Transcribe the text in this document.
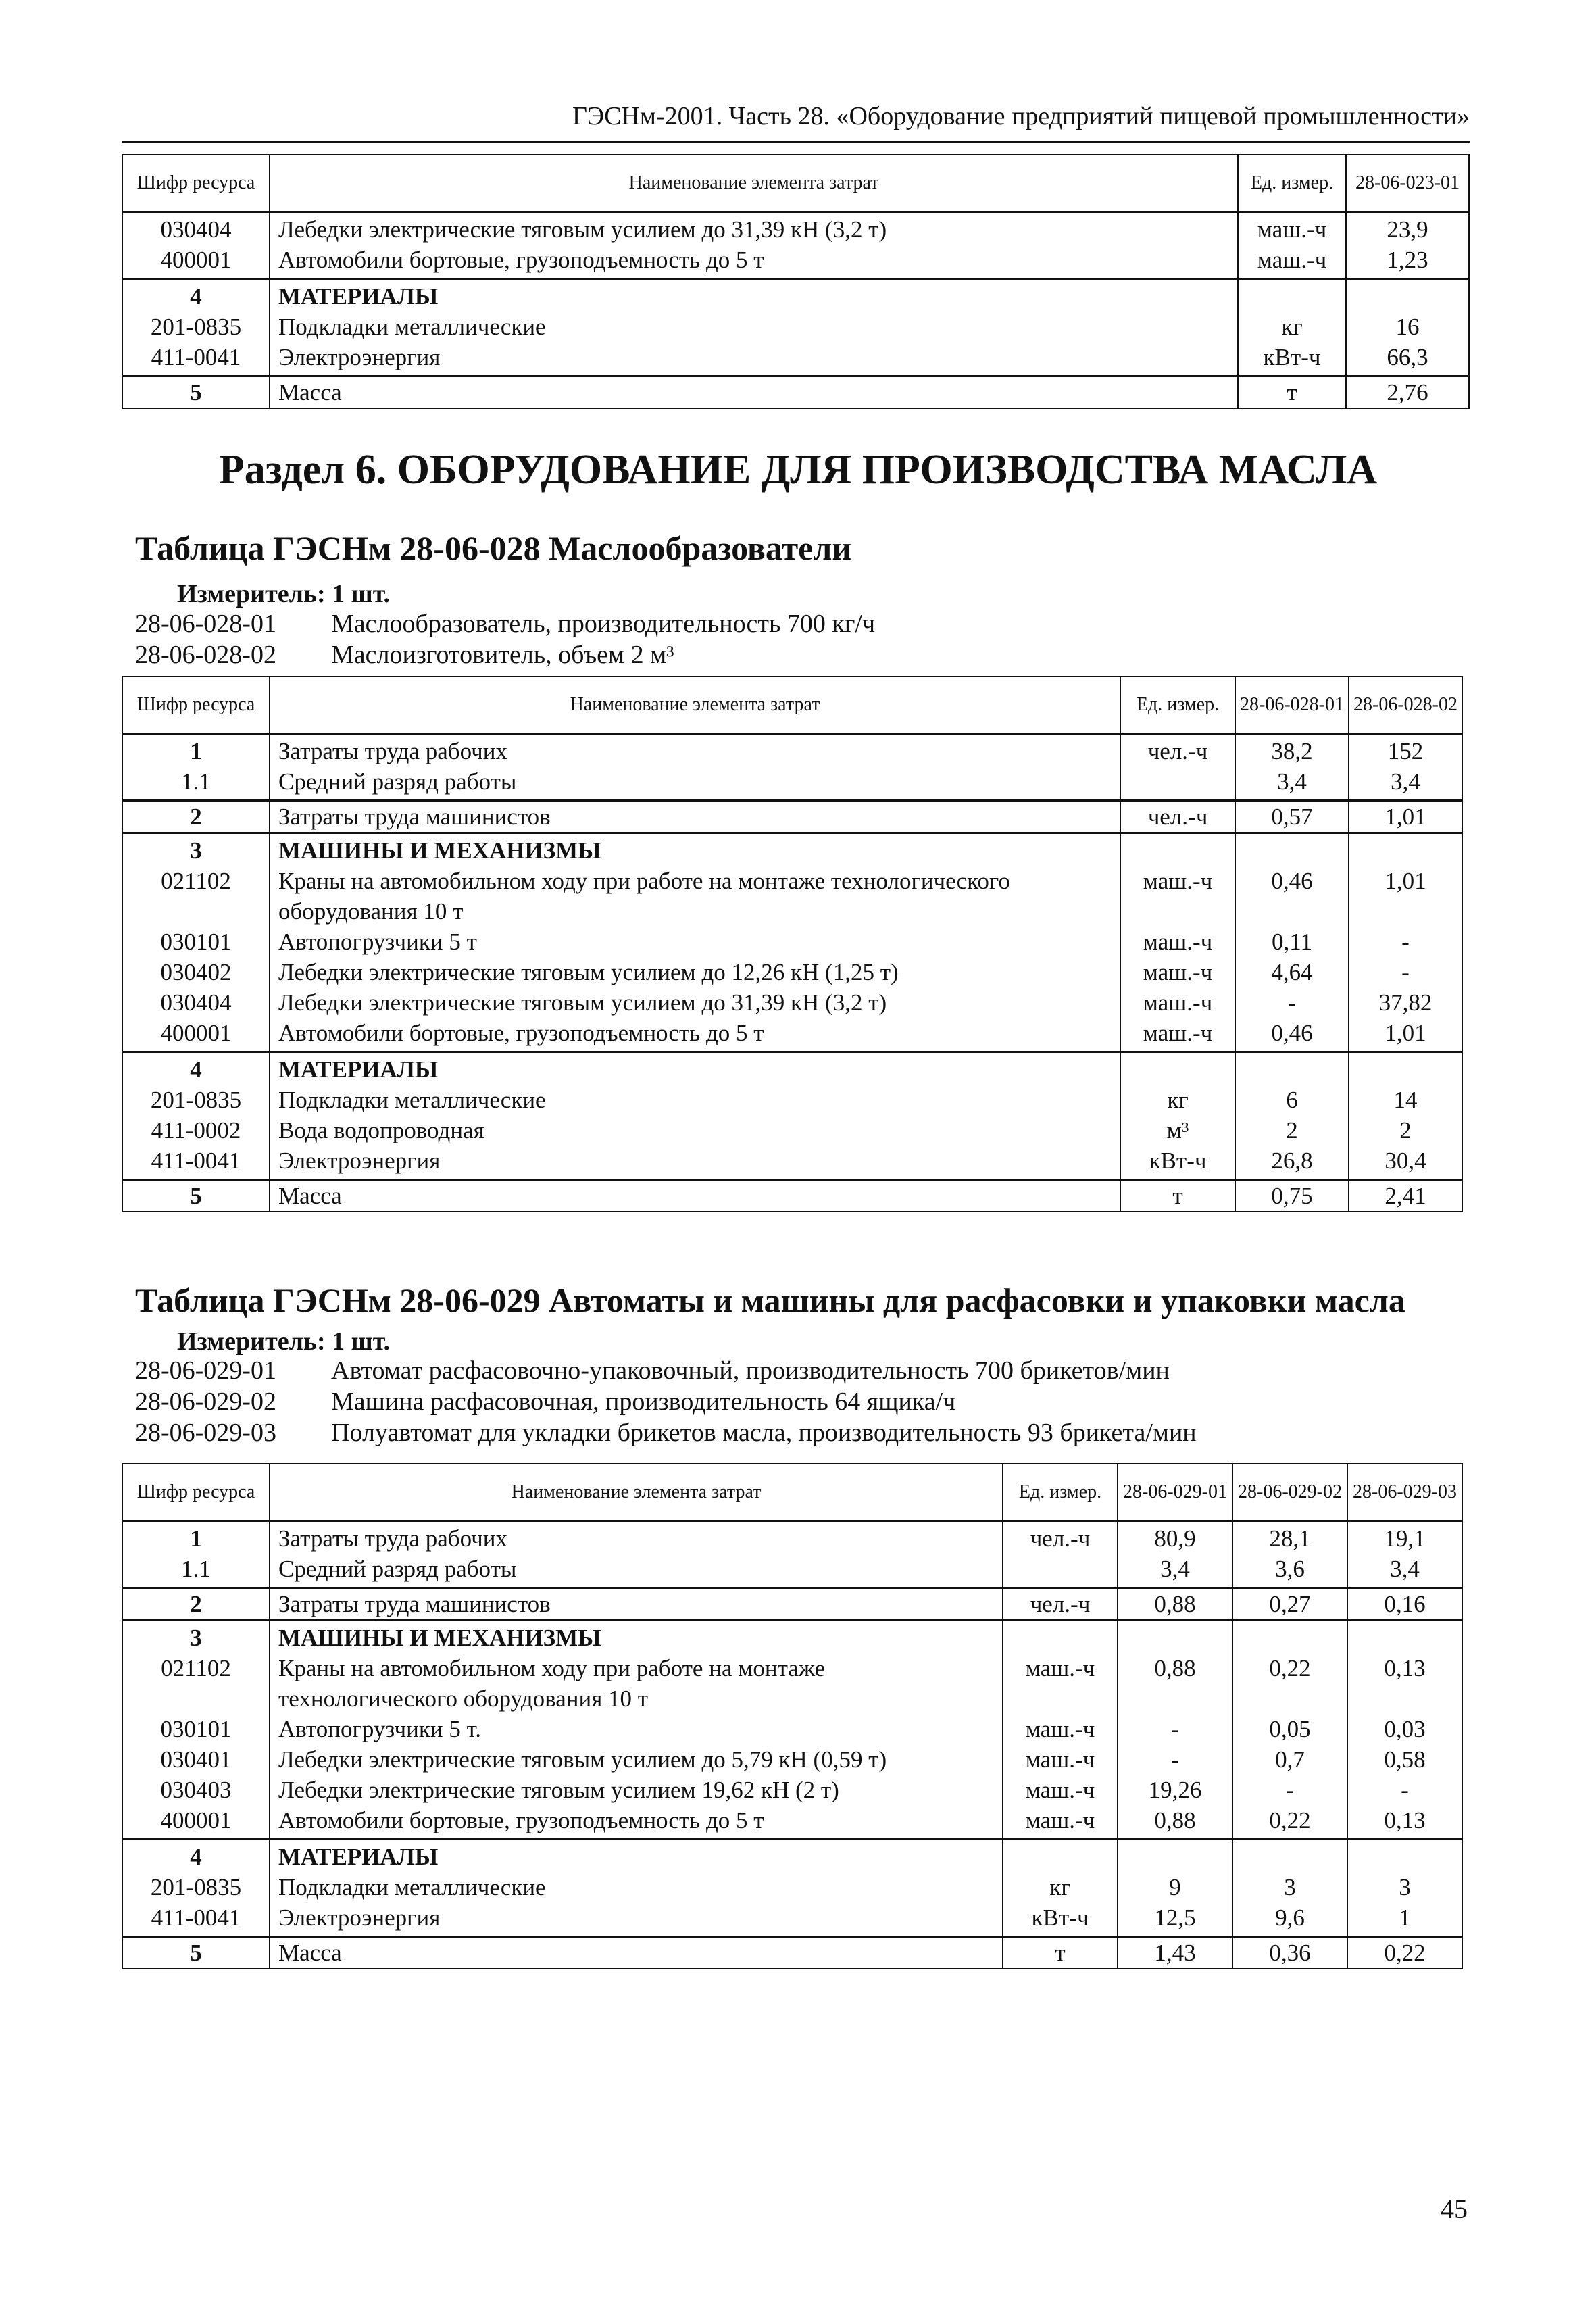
ГЭСНм-2001. Часть 28. «Оборудование предприятий пищевой промышленности»
Шифр ресурса	Наименование элемента затрат	Ед. измер.	28-06-023-01
030404	Лебедки электрические тяговым усилием до 31,39 кН (3,2 т)	маш.-ч	23,9
400001	Автомобили бортовые, грузоподъемность до 5 т	маш.-ч	1,23
4	МАТЕРИАЛЫ		
201-0835	Подкладки металлические	кг	16
411-0041	Электроэнергия	кВт-ч	66,3
5	Масса	т	2,76
Раздел 6. ОБОРУДОВАНИЕ ДЛЯ ПРОИЗВОДСТВА МАСЛА
Таблица ГЭСНм 28-06-028 Маслообразователи
Измеритель: 1 шт.
28-06-028-01	Маслообразователь, производительность 700 кг/ч
28-06-028-02	Маслоизготовитель, объем 2 м³
Шифр ресурса	Наименование элемента затрат	Ед. измер.	28-06-028-01	28-06-028-02
1	Затраты труда рабочих	чел.-ч	38,2	152
1.1	Средний разряд работы		3,4	3,4
2	Затраты труда машинистов	чел.-ч	0,57	1,01
3	МАШИНЫ И МЕХАНИЗМЫ			
021102	Краны на автомобильном ходу при работе на монтаже технологического оборудования 10 т	маш.-ч	0,46	1,01
030101	Автопогрузчики 5 т	маш.-ч	0,11	-
030402	Лебедки электрические тяговым усилием до 12,26 кН (1,25 т)	маш.-ч	4,64	-
030404	Лебедки электрические тяговым усилием до 31,39 кН (3,2 т)	маш.-ч	-	37,82
400001	Автомобили бортовые, грузоподъемность до 5 т	маш.-ч	0,46	1,01
4	МАТЕРИАЛЫ			
201-0835	Подкладки металлические	кг	6	14
411-0002	Вода водопроводная	м³	2	2
411-0041	Электроэнергия	кВт-ч	26,8	30,4
5	Масса	т	0,75	2,41
Таблица ГЭСНм 28-06-029 Автоматы и машины для расфасовки и упаковки масла
Измеритель: 1 шт.
28-06-029-01	Автомат расфасовочно-упаковочный, производительность 700 брикетов/мин
28-06-029-02	Машина расфасовочная, производительность 64 ящика/ч
28-06-029-03	Полуавтомат для укладки брикетов масла, производительность 93 брикета/мин
Шифр ресурса	Наименование элемента затрат	Ед. измер.	28-06-029-01	28-06-029-02	28-06-029-03
1	Затраты труда рабочих	чел.-ч	80,9	28,1	19,1
1.1	Средний разряд работы		3,4	3,6	3,4
2	Затраты труда машинистов	чел.-ч	0,88	0,27	0,16
3	МАШИНЫ И МЕХАНИЗМЫ				
021102	Краны на автомобильном ходу при работе на монтаже технологического оборудования 10 т	маш.-ч	0,88	0,22	0,13
030101	Автопогрузчики 5 т.	маш.-ч	-	0,05	0,03
030401	Лебедки электрические тяговым усилием до 5,79 кН (0,59 т)	маш.-ч	-	0,7	0,58
030403	Лебедки электрические тяговым усилием 19,62 кН (2 т)	маш.-ч	19,26	-	-
400001	Автомобили бортовые, грузоподъемность до 5 т	маш.-ч	0,88	0,22	0,13
4	МАТЕРИАЛЫ				
201-0835	Подкладки металлические	кг	9	3	3
411-0041	Электроэнергия	кВт-ч	12,5	9,6	1
5	Масса	т	1,43	0,36	0,22
45
